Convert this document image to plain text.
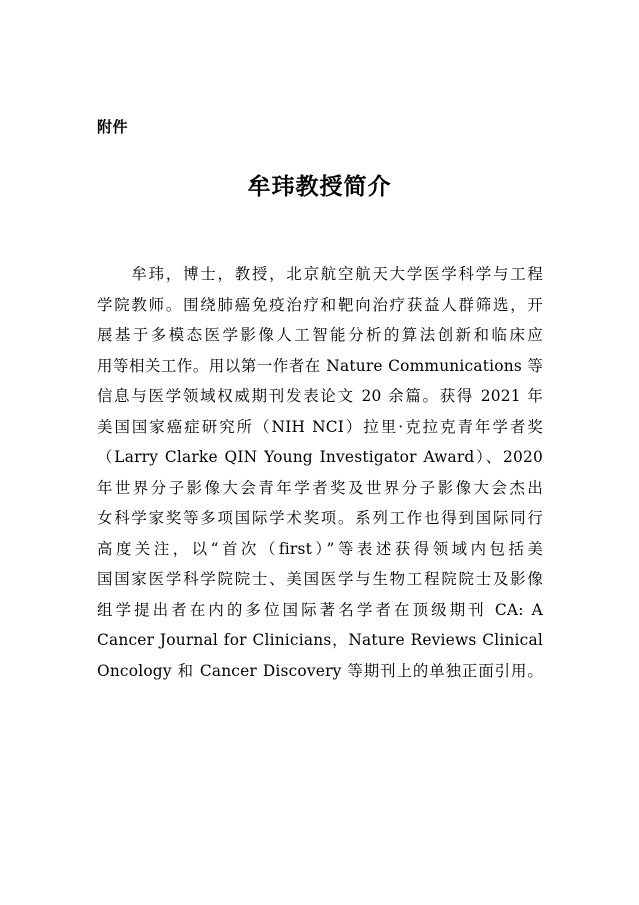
附件
牟玮教授简介
　　牟玮，博士，教授，北京航空航天大学医学科学与工程
学院教师。围绕肺癌免疫治疗和靶向治疗获益人群筛选，开
展基于多模态医学影像人工智能分析的算法创新和临床应
用等相关工作。用以第一作者在 Nature Communications 等
信息与医学领域权威期刊发表论文 20 余篇。获得 2021 年
美国国家癌症研究所（NIH NCI）拉里·克拉克青年学者奖
（Larry Clarke QIN Young Investigator Award）、2020
年世界分子影像大会青年学者奖及世界分子影像大会杰出
女科学家奖等多项国际学术奖项。系列工作也得到国际同行
高度关注，以“首次（first）”等表述获得领域内包括美
国国家医学科学院院士、美国医学与生物工程院院士及影像
组学提出者在内的多位国际著名学者在顶级期刊 CA: A
Cancer Journal for Clinicians，Nature Reviews Clinical
Oncology 和 Cancer Discovery 等期刊上的单独正面引用。
